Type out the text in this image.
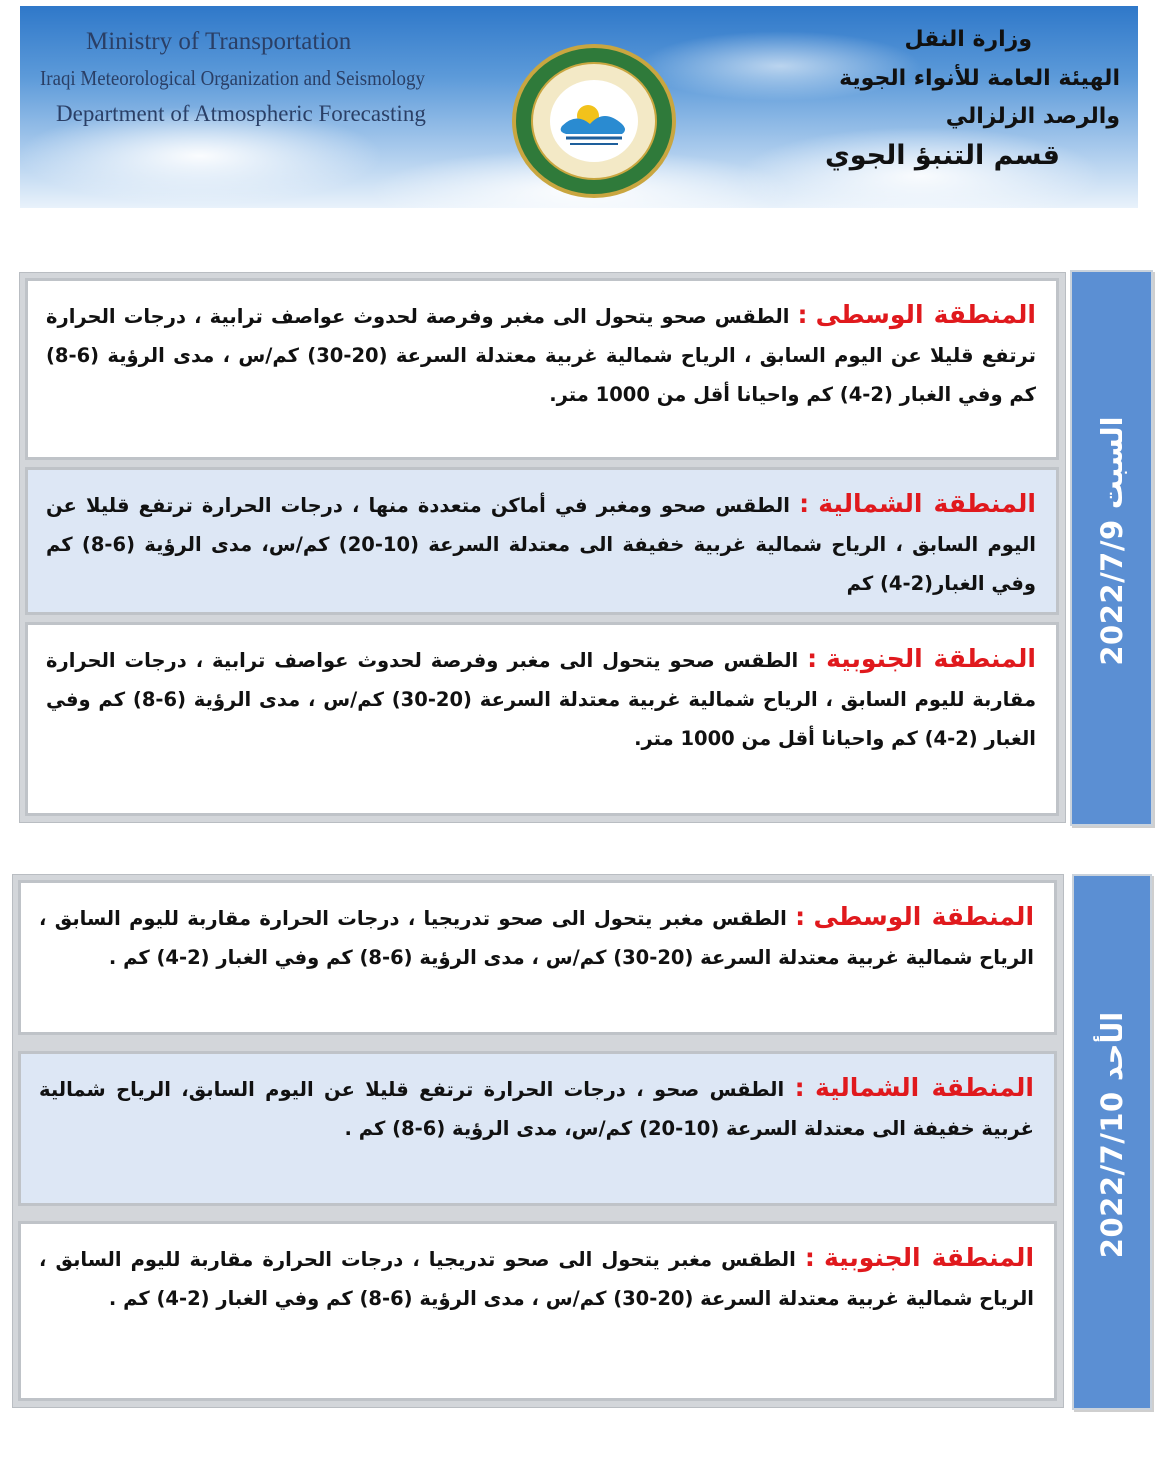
Ministry of Transportation
Iraqi Meteorological Organization and Seismology
Department of Atmospheric Forecasting
وزارة النقل
الهيئة العامة للأنواء الجوية والرصد الزلزالي
قسم التنبؤ الجوي
المنطقة الوسطى : الطقس صحو يتحول الى مغبر وفرصة لحدوث عواصف ترابية ، درجات الحرارة ترتفع قليلا عن اليوم السابق ، الرياح شمالية غربية معتدلة السرعة (20-30) كم/س ، مدى الرؤية (6-8) كم وفي الغبار (2-4) كم واحيانا أقل من 1000 متر.
المنطقة الشمالية : الطقس صحو ومغبر في أماكن متعددة منها ، درجات الحرارة ترتفع قليلا عن اليوم السابق ، الرياح شمالية غربية خفيفة الى معتدلة السرعة (10-20) كم/س، مدى الرؤية (6-8) كم وفي الغبار(2-4) كم
المنطقة الجنوبية : الطقس صحو يتحول الى مغبر وفرصة لحدوث عواصف ترابية ، درجات الحرارة مقاربة لليوم السابق ، الرياح شمالية غربية معتدلة السرعة (20-30) كم/س ، مدى الرؤية (6-8) كم وفي الغبار (2-4) كم واحيانا أقل من 1000 متر.
السبت 2022/7/9
المنطقة الوسطى : الطقس مغبر يتحول الى صحو تدريجيا ، درجات الحرارة مقاربة لليوم السابق ، الرياح شمالية غربية معتدلة السرعة (20-30) كم/س ، مدى الرؤية (6-8) كم وفي الغبار (2-4) كم .
المنطقة الشمالية : الطقس صحو ، درجات الحرارة ترتفع قليلا عن اليوم السابق، الرياح شمالية غربية خفيفة الى معتدلة السرعة (10-20) كم/س، مدى الرؤية (6-8) كم .
المنطقة الجنوبية : الطقس مغبر يتحول الى صحو تدريجيا ، درجات الحرارة مقاربة لليوم السابق ، الرياح شمالية غربية معتدلة السرعة (20-30) كم/س ، مدى الرؤية (6-8) كم وفي الغبار (2-4) كم .
الأحد 2022/7/10
